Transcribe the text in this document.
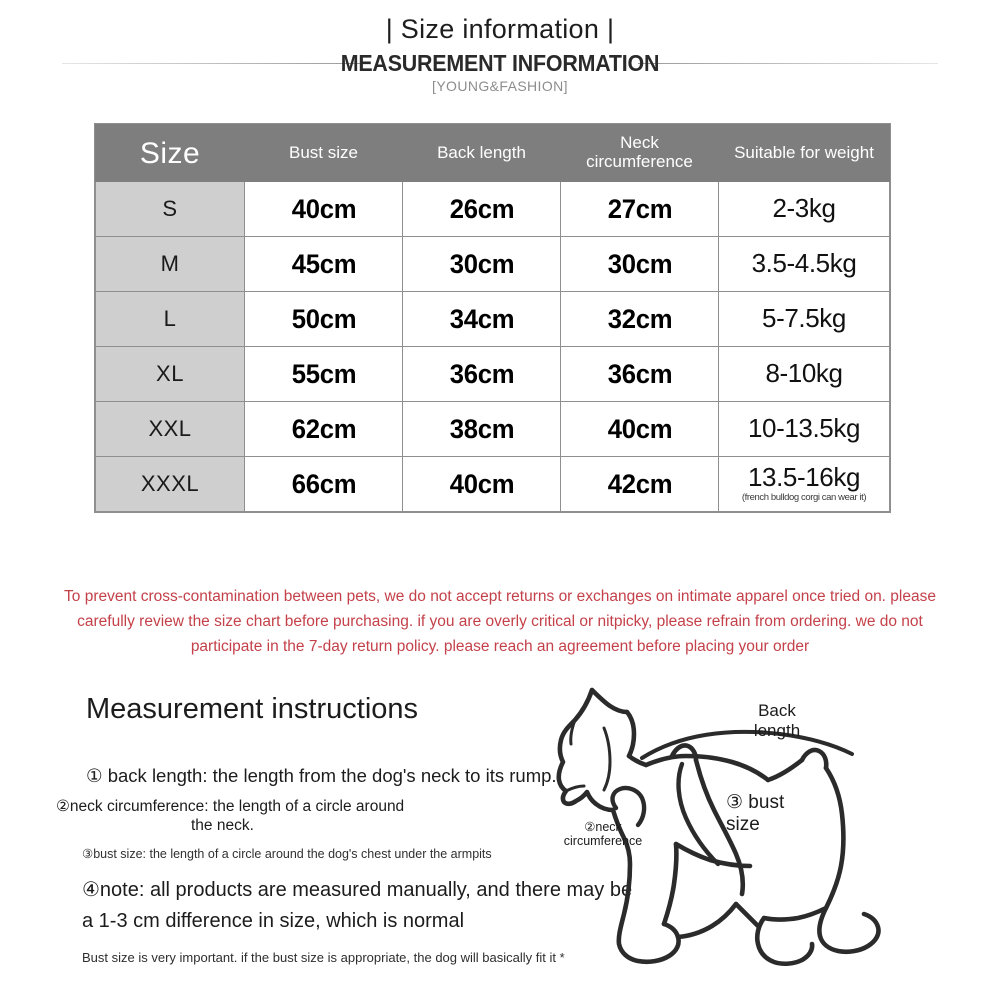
| Size information |
MEASUREMENT INFORMATION
[YOUNG&FASHION]
Size	Bust size	Back length	Neck
circumference	Suitable for weight
S	40cm	26cm	27cm	2-3kg

M	45cm	30cm	30cm	3.5-4.5kg

L	50cm	34cm	32cm	5-7.5kg

XL	55cm	36cm	36cm	8-10kg

XXL	62cm	38cm	40cm	10-13.5kg

XXXL	66cm	40cm	42cm	13.5-16kg
(french bulldog corgi can wear it)
To prevent cross-contamination between pets, we do not accept returns or exchanges on intimate apparel once tried on. please carefully review the size chart before purchasing. if you are overly critical or nitpicky, please refrain from ordering. we do not participate in the 7-day return policy. please reach an agreement before placing your order
Measurement instructions
① back length: the length from the dog's neck to its rump.
②neck circumference: the length of a circle around
the neck.
③bust size: the length of a circle around the dog's chest under the armpits
④note: all products are measured manually, and there may be a 1-3 cm difference in size, which is normal
Bust size is very important. if the bust size is appropriate, the dog will basically fit it *
Back
length
③ bust
size
②neck
circumference
